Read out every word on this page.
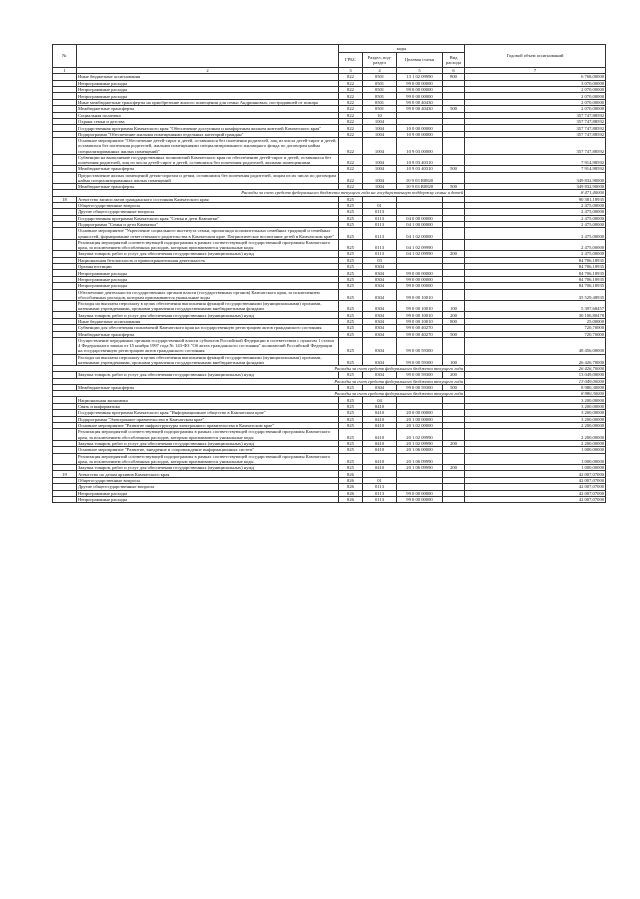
№		коды				Годовой объем ассигнований
		ГРБС	Раздел, под-раздел	Целевая статья	Вид расхода	
1	2	3	4	5	6	7
	Иные бюджетные ассигнования	822	0501	13 1 02 09990	800	6 768,00000
	Непрограммные расходы	822	0501	99 0 00 00000		3 070,00000
	Непрограммные расходы	822	0501	99 0 00 00000		2 070,00000
	Непрограммные расходы	822	0501	99 0 00 00000		2 070,00000
	Иные межбюджетные трансферты на приобретение жилого помещения для семьи Андрияновых, пострадавшей от пожара	822	0501	99 0 00 40430		2 070,00000
	Межбюджетные трансферты	822	0501	99 0 00 40430	500	2 070,00000
	Социальная политика	822	10			357 747,88592
	Охрана семьи и детства	822	1004			357 747,88592
	Государственная программа Камчатского края "Обеспечение доступным и комфортным жильем жителей Камчатского края"	822	1004	10 0 00 00000		357 747,88592
	Подпрограмма "Обеспечение жилыми помещениями отдельных категорий граждан"	822	1004	10 9 00 00000		357 747,88592
	Основное мероприятие "Обеспечение детей-сирот и детей, оставшихся без попечения родителей, лиц из числа детей-сирот и детей, оставшихся без попечения родителей, жилыми помещениями специализированного жилищного фонда по договорам найма специализированных жилых помещений"	822	1004	10 9 03 00000		357 747,88592
	Субвенции на выполнение государственных полномочий Камчатского края по обеспечению детей-сирот и детей, оставшихся без попечения родителей, лиц из числа детей-сирот и детей, оставшихся без попечения родителей, жилыми помещениями	822	1004	10 9 03 40310		7 914,98592
	Межбюджетные трансферты	822	1004	10 9 03 40310	500	7 914,98592
	Предоставление жилых помещений детям-сиротам и детям, оставшимся без попечения родителей, лицам из их числа по договорам найма специализированных жилых помещений	822	1004	10 9 03 R0820		349 832,90000
	Межбюджетные трансферты	822	1004	10 9 03 R0820	500	349 832,90000
Расходы за счет средств федерального бюджета текущего года на государственную поддержку семьи и детей						8 471,40000
18	Агентство записи актов гражданского состояния Камчатского края	825				90 381,18935
	Общегосударственные вопросы	825	01			2 475,00000
	Другие общегосударственные вопросы	825	0113			2 475,00000
	Государственная программа Камчатского края "Семья и дети Камчатки"	825	0113	04 0 00 00000		2 475,00000
	Подпрограмма "Семья и дети Камчатки"	825	0113	04 1 00 00000		2 475,00000
	Основное мероприятие "Укрепление социального института семьи, пропаганда положительных семейных традиций и семейных ценностей, формирование ответственного родительства в Камчатском крае. Патриотическое воспитание детей в Камчатском крае"	825	0113	04 1 02 00000		2 475,00000
	Реализация мероприятий соответствующей подпрограммы в рамках соответствующей государственной программы Камчатского края, за исключением обособленных расходов, которым присваиваются уникальные коды	825	0113	04 1 02 09990		2 475,00000
	Закупка товаров, работ и услуг для обеспечения государственных (муниципальных) нужд	825	0113	04 1 02 09990	200	2 475,00000
	Национальная безопасность и правоохранительная деятельность	825	03			84 706,18935
	Органы юстиции	825	0304			84 706,18935
	Непрограммные расходы	825	0304	99 0 00 00000		84 706,18935
	Непрограммные расходы	825	0304	99 0 00 00000		84 706,18935
	Непрограммные расходы	825	0304	99 0 00 00000		84 706,18935
	Обеспечение деятельности государственных органов власти (государственных органов) Камчатского края, за исключением обособленных расходов, которым присваиваются уникальные коды	825	0304	99 0 00 10010		35 529,48935
	Расходы на выплаты персоналу в целях обеспечения выполнения функций государственными (муниципальными) органами, казенными учреждениями, органами управления государственными внебюджетными фондами	825	0304	99 0 00 10010	100	5 397,68457
	Закупка товаров, работ и услуг для обеспечения государственных (муниципальных) нужд	825	0304	99 0 00 10010	200	30 106,80478
	Иные бюджетные ассигнования	825	0304	99 0 00 10010	800	25,00000
	Субвенции для обеспечения полномочий Камчатского края на государственную регистрацию актов гражданского состояния	825	0304	99 0 00 40270		720,70000
	Межбюджетные трансферты	825	0304	99 0 00 40270	500	720,70000
	Осуществление переданных органам государственной власти субъектов Российской Федерации в соответствии с пунктом 1 статьи 4 Федерального закона от 15 ноября 1997 года № 143-ФЗ "Об актах гражданского состояния" полномочий Российской Федерации на государственную регистрацию актов гражданского состояния	825	0304	99 0 00 59300		48 456,00000
	Расходы на выплаты персоналу в целях обеспечения выполнения функций государственными (муниципальными) органами, казенными учреждениями, органами управления государственными внебюджетными фондами	825	0304	99 0 00 59300	100	26 426,70000
Расходы за счет средств федерального бюджета текущего года						26 426,70000
	Закупка товаров, работ и услуг для обеспечения государственных (муниципальных) нужд	825	0304	99 0 00 59300	200	13 049,00000
Расходы за счет средств федерального бюджета текущего года						13 049,00000
	Межбюджетные трансферты	825	0304	99 0 00 59300	500	8 980,30000
Расходы за счет средств федерального бюджета текущего года						8 980,30000
	Национальная экономика	825	04			3 200,00000
	Связь и информатика	825	0410			3 200,00000
	Государственная программа Камчатского края "Информационное общество в Камчатском крае"	825	0410	20 0 00 00000		3 200,00000
	Подпрограмма "Электронное правительство в Камчатском крае"	825	0410	20 1 00 00000		3 200,00000
	Основное мероприятие "Развитие инфраструктуры электронного правительства в Камчатском крае"	825	0410	20 1 02 00000		2 200,00000
	Реализация мероприятий соответствующей подпрограммы в рамках соответствующей государственной программы Камчатского края, за исключением обособленных расходов, которым присваиваются уникальные коды	825	0410	20 1 02 09990		2 200,00000
	Закупка товаров, работ и услуг для обеспечения государственных (муниципальных) нужд	825	0410	20 1 02 09990	200	2 200,00000
	Основное мероприятие "Развитие, внедрение и сопровождение информационных систем"	825	0410	20 1 06 00000		1 000,00000
	Реализация мероприятий соответствующей подпрограммы в рамках соответствующей государственной программы Камчатского края, за исключением обособленных расходов, которым присваиваются уникальные коды	825	0410	20 1 06 09990		1 000,00000
	Закупка товаров, работ и услуг для обеспечения государственных (муниципальных) нужд	825	0410	20 1 06 09990	200	1 000,00000
19	Агентство по делам архивов Камчатского края	826				42 007,07000
	Общегосударственные вопросы	826	01			42 007,07000
	Другие общегосударственные вопросы	826	0113			42 007,07000
	Непрограммные расходы	826	0113	99 0 00 00000		42 007,07000
	Непрограммные расходы	826	0113	99 0 00 00000		42 007,07000
